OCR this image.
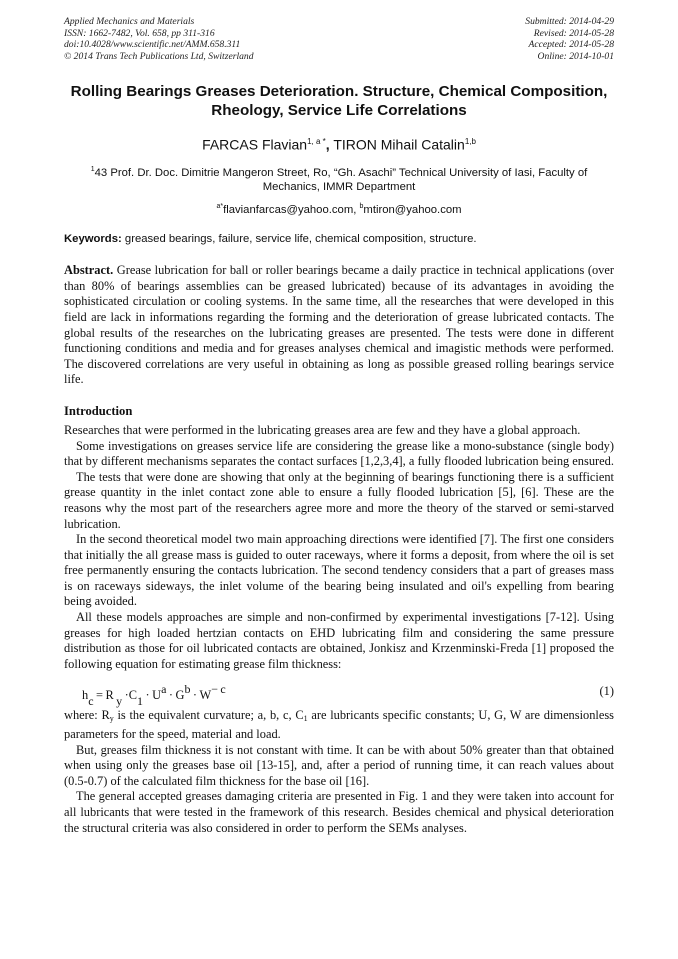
Applied Mechanics and Materials
ISSN: 1662-7482, Vol. 658, pp 311-316
doi:10.4028/www.scientific.net/AMM.658.311
© 2014 Trans Tech Publications Ltd, Switzerland
Submitted: 2014-04-29
Revised: 2014-05-28
Accepted: 2014-05-28
Online: 2014-10-01
Rolling Bearings Greases Deterioration. Structure, Chemical Composition, Rheology, Service Life Correlations
FARCAS Flavian$^{1, a *}$, TIRON Mihail Catalin$^{1,b}$
$^1$43 Prof. Dr. Doc. Dimitrie Mangeron Street, Ro, “Gh. Asachi” Technical University of Iasi, Faculty of Mechanics, IMMR Department
$^{a*}$flavianfarcas@yahoo.com, $^b$mtiron@yahoo.com
Keywords: greased bearings, failure, service life, chemical composition, structure.

Abstract. Grease lubrication for ball or roller bearings became a daily practice in technical applications (over than 80% of bearings assemblies can be greased lubricated) because of its advantages in avoiding the sophisticated circulation or cooling systems. In the same time, all the researches that were developed in this field are lack in informations regarding the forming and the deterioration of grease lubricated contacts. The global results of the researches on the lubricating greases are presented. The tests were done in different functioning conditions and media and for greases analyses chemical and imagistic methods were performed. The discovered correlations are very useful in obtaining as long as possible greased rolling bearings service life.

Introduction

Researches that were performed in the lubricating greases area are few and they have a global approach.

Some investigations on greases service life are considering the grease like a mono-substance (single body) that by different mechanisms separates the contact surfaces [1,2,3,4], a fully flooded lubrication being ensured.

The tests that were done are showing that only at the beginning of bearings functioning there is a sufficient grease quantity in the inlet contact zone able to ensure a fully flooded lubrication [5], [6]. These are the reasons why the most part of the researchers agree more and more the theory of the starved or semi-starved lubrication.

In the second theoretical model two main approaching directions were identified [7]. The first one considers that initially the all grease mass is guided to outer raceways, where it forms a deposit, from where the oil is set free permanently ensuring the contacts lubrication. The second tendency considers that a part of greases mass is on raceways sideways, the inlet volume of the bearing being insulated and oil's expelling from bearing being avoided.

All these models approaches are simple and non-confirmed by experimental investigations [7-12]. Using greases for high loaded hertzian contacts on EHD lubricating film and considering the same pressure distribution as those for oil lubricated contacts are obtained, Jonkisz and Krzenminski-Freda [1] proposed the following equation for estimating grease film thickness:

$h_c = R$ $_y \cdot C_1 \cdot U^a \cdot G^b \cdot W^{- c}$	(1)

where: $R_y$ is the equivalent curvature; a, b, c, $C_1$ are lubricants specific constants; U, G, W are dimensionless parameters for the speed, material and load.

But, greases film thickness it is not constant with time. It can be with about 50% greater than that obtained when using only the greases base oil [13-15], and, after a period of running time, it can reach values about (0.5-0.7) of the calculated film thickness for the base oil [16].

The general accepted greases damaging criteria are presented in Fig. 1 and they were taken into account for all lubricants that were tested in the framework of this research. Besides chemical and physical deterioration the structural criteria was also considered in order to perform the SEMs analyses.
